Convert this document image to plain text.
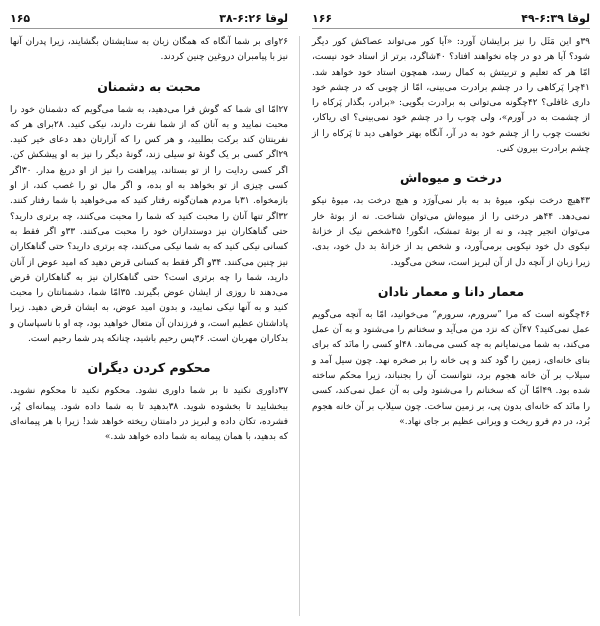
لوقا ۶:۲۶-۳۸
۱۶۵

۲۶وای بر شما آنگاه که همگان زبان به ستایشتان بگشایند، زیرا پدران آنها نیز با پیامبران دروغین چنین کردند.

محبت به دشمنان

۲۷امّا ای شما که گوش فرا می‌دهید، به شما می‌گویم که دشمنان خود را محبت نمایید و به آنان که از شما نفرت دارند، نیکی کنید. ۲۸برای هر که نفرینتان کند برکت بطلبید، و هر کس را که آزارتان دهد دعای خیر کنید. ۲۹اگر کسی بر یک گونهٔ تو سیلی زند، گونهٔ دیگر را نیز به او پیشکش کن. اگر کسی ردایت را از تو بستاند، پیراهنت را نیز از او دریغ مدار. ۳۰اگر کسی چیزی از تو بخواهد به او بده، و اگر مال تو را غصب کند، از او بازمخواه. ۳۱با مردم همان‌گونه رفتار کنید که می‌خواهید با شما رفتار کنند. ۳۲اگر تنها آنان را محبت کنید که شما را محبت می‌کنند، چه برتری دارید؟ حتی گناهکاران نیز دوستداران خود را محبت می‌کنند. ۳۳و اگر فقط به کسانی نیکی کنید که به شما نیکی می‌کنند، چه برتری دارید؟ حتی گناهکاران نیز چنین می‌کنند. ۳۴و اگر فقط به کسانی قرض دهید که امید عوض از آنان دارید، شما را چه برتری است؟ حتی گناهکاران نیز به گناهکاران قرض می‌دهند تا روزی از ایشان عوض بگیرند. ۳۵امّا شما، دشمنانتان را محبت کنید و به آنها نیکی نمایید، و بدون امید عوض، به ایشان قرض دهید. زیرا پاداشتان عظیم است، و فرزندان آن متعال خواهید بود، چه او با ناسپاسان و بدکاران مهربان است. ۳۶پس رحیم باشید، چنانکه پدر شما رحیم است.

محکوم کردن دیگران

۳۷داوری نکنید تا بر شما داوری نشود. محکوم نکنید تا محکوم نشوید. ببخشایید تا بخشوده شوید. ۳۸بدهید تا به شما داده شود. پیمانه‌ای پُر، فشرده، تکان داده و لبریز در دامنتان ریخته خواهد شد! زیرا با هر پیمانه‌ای که بدهید، با همان پیمانه به شما داده خواهد شد.»

لوقا ۶:۳۹-۴۹
۱۶۶

۳۹و این مَثَل را نیز برایشان آورد: «آیا کور می‌تواند عصاکش کور دیگر شود؟ آیا هر دو در چاه نخواهند افتاد؟ ۴۰شاگرد، برتر از استاد خود نیست، امّا هر که تعلیم و تربیتش به کمال رسد، همچون استاد خود خواهد شد. ۴۱چرا پَرکاهی را در چشم برادرت می‌بینی، امّا از چوبی که در چشم خود داری غافلی؟ ۴۲چگونه می‌توانی به برادرت بگویی: «برادر، بگذار پَرکاه را از چشمت به در آورم»، ولی چوب را در چشم خود نمی‌بینی؟ ای ریاکار، نخست چوب را از چشم خود به در آر، آنگاه بهتر خواهی دید تا پَرکاه را از چشم برادرت بیرون کنی.

درخت و میوه‌اش

۴۳هیچ درخت نیکو، میوهٔ بد به بار نمی‌آورَد و هیچ درخت بد، میوهٔ نیکو نمی‌دهد. ۴۴هر درختی را از میوه‌اش می‌توان شناخت. نه از بوتهٔ خار می‌توان انجیر چید، و نه از بوتهٔ تمشک، انگور! ۴۵شخص نیک از خزانهٔ نیکوی دل خود نیکویی برمی‌آورد، و شخص بد از خزانهٔ بد دل خود، بدی. زیرا زبان از آنچه دل از آن لبریز است، سخن می‌گوید.

معمار دانا و معمار نادان

۴۶چگونه است که مرا ”سرورم، سرورم“ می‌خوانید، امّا به آنچه می‌گویم عمل نمی‌کنید؟ ۴۷آن که نزد من می‌آید و سخنانم را می‌شنود و به آن عمل می‌کند، به شما می‌نمایانم به چه کسی می‌ماند. ۴۸او کسی را مانَد که برای بنای خانه‌ای، زمین را گود کند و پی خانه را بر صخره نهد. چون سیل آمد و سیلاب بر آن خانه هجوم برد، نتوانست آن را بجنباند، زیرا محکم ساخته شده بود. ۴۹امّا آن که سخنانم را می‌شنود ولی به آن عمل نمی‌کند، کسی را مانَد که خانه‌ای بدون پی، بر زمین ساخت. چون سیلاب بر آن خانه هجوم بُرد، در دم فرو ریخت و ویرانی عظیم بر جای نهاد.»
